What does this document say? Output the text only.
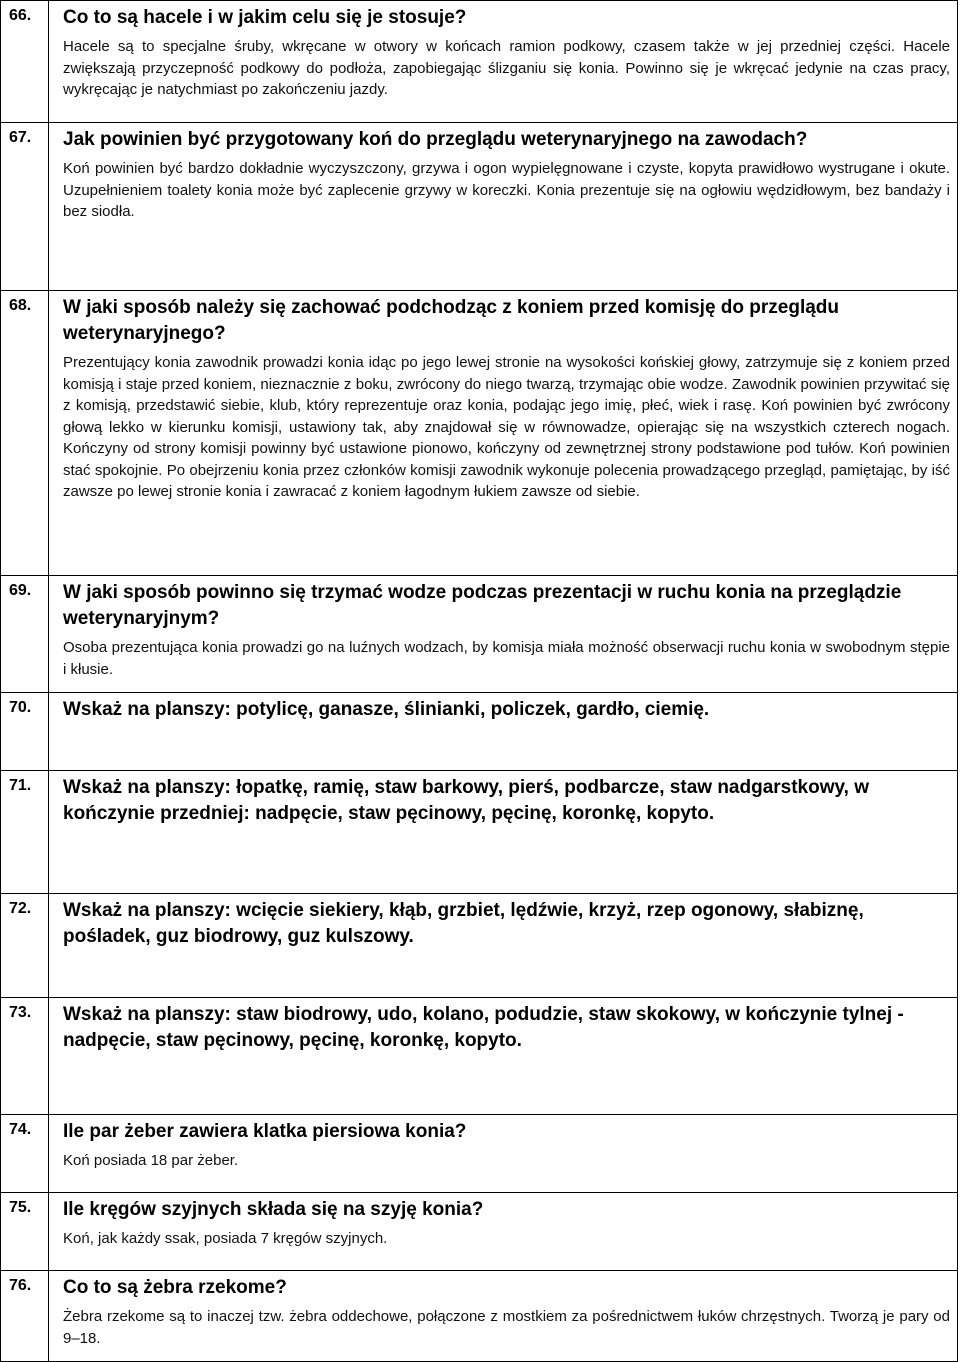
66.	Co to są hacele i w jakim celu się je stosuje?
Hacele są to specjalne śruby, wkręcane w otwory w końcach ramion podkowy, czasem także w jej przedniej części. Hacele zwiększają przyczepność podkowy do podłoża, zapobiegając ślizganiu się konia. Powinno się je wkręcać jedynie na czas pracy, wykręcając je natychmiast po zakończeniu jazdy.
67.	Jak powinien być przygotowany koń do przeglądu weterynaryjnego na zawodach?
Koń powinien być bardzo dokładnie wyczyszczony, grzywa i ogon wypielęgnowane i czyste, kopyta prawidłowo wystrugane i okute. Uzupełnieniem toalety konia może być zaplecenie grzywy w koreczki. Konia prezentuje się na ogłowiu wędzidłowym, bez bandaży i bez siodła.
68.	W jaki sposób należy się zachować podchodząc z koniem przed komisję do przeglądu weterynaryjnego?
Prezentujący konia zawodnik prowadzi konia idąc po jego lewej stronie na wysokości końskiej głowy, zatrzymuje się z koniem przed komisją i staje przed koniem, nieznacznie z boku, zwrócony do niego twarzą, trzymając obie wodze. Zawodnik powinien przywitać się z komisją, przedstawić siebie, klub, który reprezentuje oraz konia, podając jego imię, płeć, wiek i rasę. Koń powinien być zwrócony głową lekko w kierunku komisji, ustawiony tak, aby znajdował się w równowadze, opierając się na wszystkich czterech nogach. Kończyny od strony komisji powinny być ustawione pionowo, kończyny od zewnętrznej strony podstawione pod tułów. Koń powinien stać spokojnie. Po obejrzeniu konia przez członków komisji zawodnik wykonuje polecenia prowadzącego przegląd, pamiętając, by iść zawsze po lewej stronie konia i zawracać z koniem łagodnym łukiem zawsze od siebie.
69.	W jaki sposób powinno się trzymać wodze podczas prezentacji w ruchu konia na przeglądzie weterynaryjnym?
Osoba prezentująca konia prowadzi go na luźnych wodzach, by komisja miała możność obserwacji ruchu konia w swobodnym stępie i kłusie.
70.	Wskaż na planszy: potylicę, ganasze, ślinianki, policzek, gardło, ciemię.
71.	Wskaż na planszy: łopatkę, ramię, staw barkowy, pierś, podbarcze, staw nadgarstkowy, w kończynie przedniej: nadpęcie, staw pęcinowy, pęcinę, koronkę, kopyto.
72.	Wskaż na planszy: wcięcie siekiery, kłąb, grzbiet, lędźwie, krzyż, rzep ogonowy, słabiznę, pośladek, guz biodrowy, guz kulszowy.
73.	Wskaż na planszy: staw biodrowy, udo, kolano, podudzie, staw skokowy, w kończynie tylnej - nadpęcie, staw pęcinowy, pęcinę, koronkę, kopyto.
74.	Ile par żeber zawiera klatka piersiowa konia?
Koń posiada 18 par żeber.
75.	Ile kręgów szyjnych składa się na szyję konia?
Koń, jak każdy ssak, posiada 7 kręgów szyjnych.
76.	Co to są żebra rzekome?
Żebra rzekome są to inaczej tzw. żebra oddechowe, połączone z mostkiem za pośrednictwem łuków chrzęstnych. Tworzą je pary od 9–18.
